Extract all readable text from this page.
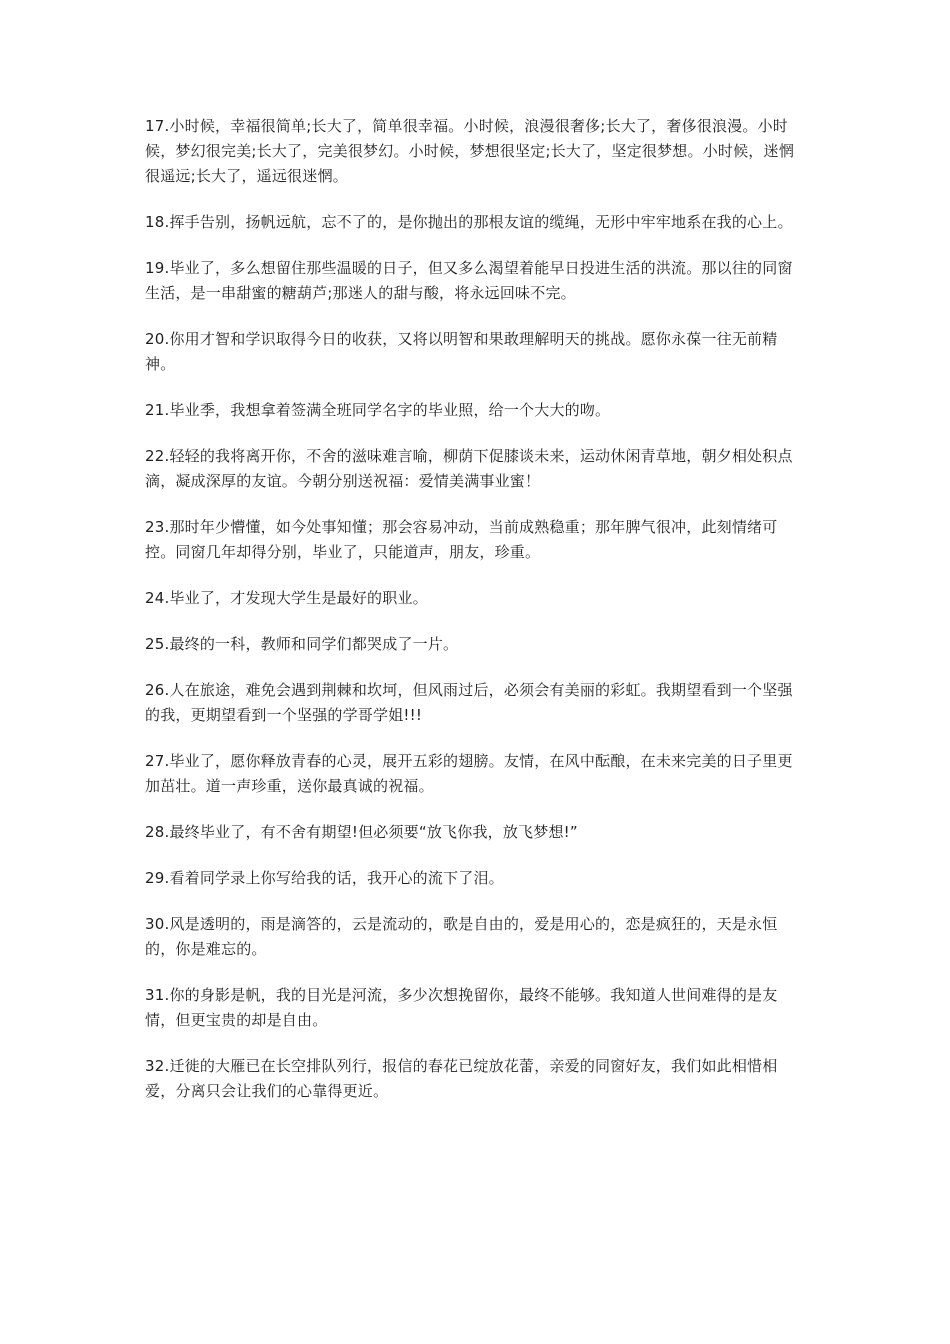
17.小时候，幸福很简单;长大了，简单很幸福。小时候，浪漫很奢侈;长大了，奢侈很浪漫。小时候，梦幻很完美;长大了，完美很梦幻。小时候，梦想很坚定;长大了，坚定很梦想。小时候，迷惘很遥远;长大了，遥远很迷惘。

18.挥手告别，扬帆远航，忘不了的，是你抛出的那根友谊的缆绳，无形中牢牢地系在我的心上。

19.毕业了，多么想留住那些温暖的日子，但又多么渴望着能早日投进生活的洪流。那以往的同窗生活，是一串甜蜜的糖葫芦;那迷人的甜与酸，将永远回味不完。

20.你用才智和学识取得今日的收获，又将以明智和果敢理解明天的挑战。愿你永葆一往无前精神。

21.毕业季，我想拿着签满全班同学名字的毕业照，给一个大大的吻。

22.轻轻的我将离开你，不舍的滋味难言喻，柳荫下促膝谈未来，运动休闲青草地，朝夕相处积点滴，凝成深厚的友谊。今朝分别送祝福：爱情美满事业蜜！

23.那时年少懵懂，如今处事知懂；那会容易冲动，当前成熟稳重；那年脾气很冲，此刻情绪可控。同窗几年却得分别，毕业了，只能道声，朋友，珍重。

24.毕业了，才发现大学生是最好的职业。

25.最终的一科，教师和同学们都哭成了一片。

26.人在旅途，难免会遇到荆棘和坎坷，但风雨过后，必须会有美丽的彩虹。我期望看到一个坚强的我，更期望看到一个坚强的学哥学姐!!!

27.毕业了，愿你释放青春的心灵，展开五彩的翅膀。友情，在风中酝酿，在未来完美的日子里更加茁壮。道一声珍重，送你最真诚的祝福。

28.最终毕业了，有不舍有期望!但必须要“放飞你我，放飞梦想!”

29.看着同学录上你写给我的话，我开心的流下了泪。

30.风是透明的，雨是滴答的，云是流动的，歌是自由的，爱是用心的，恋是疯狂的，天是永恒的，你是难忘的。

31.你的身影是帆，我的目光是河流，多少次想挽留你，最终不能够。我知道人世间难得的是友情，但更宝贵的却是自由。

32.迁徙的大雁已在长空排队列行，报信的春花已绽放花蕾，亲爱的同窗好友，我们如此相惜相爱，分离只会让我们的心靠得更近。
